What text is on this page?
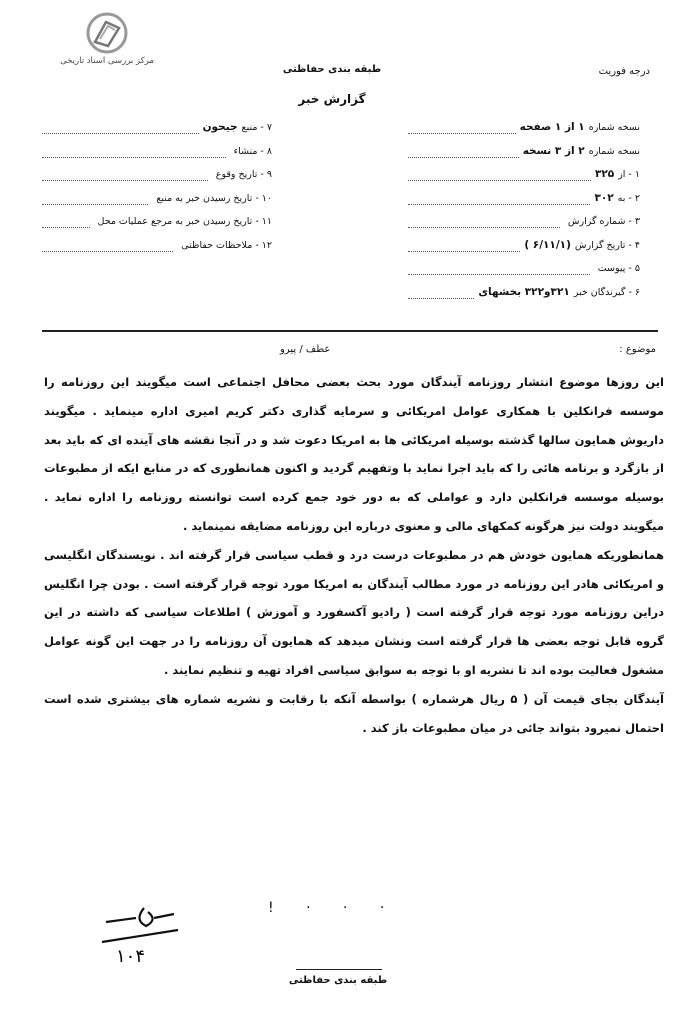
مرکز بررسی اسناد تاریخی
طبقه بندی حفاظتی	درجه فوریت
گزارش خبر
۷ - منبع
جیحون
۸ - منشاء
۹ - تاریخ وقوع
۱۰ - تاریخ رسیدن خبر به منبع
۱۱ - تاریخ رسیدن خبر به مرجع عملیات محل
۱۲ - ملاحظات حفاظتی
نسخه شماره
۱ از ۱ صفحه
نسخه شماره
۲ از ۳ نسخه
۱ - از
۳۲۵
۲ - به
۳۰۲
۳ - شماره گزارش
۴ - تاریخ گزارش
(۶/۱۱/۱ )
۵ - پیوست
۶ - گیرندگان خبر
۳۲۱و۳۲۲ بخشهای
موضوع :
عطف / پیرو

این روزها موضوع انتشار روزنامه آیندگان مورد بحث بعضی محافل اجتماعی است میگویند این روزنامه را موسسه فرانکلین با همکاری عوامل امریکائی و سرمایه گذاری دکتر کریم امیری اداره مینماید . میگویند داریوش همایون سالها گذشته بوسیله امریکائی ها به امریکا دعوت شد و در آنجا نقشه های آینده ای که باید بعد از بازگرد و برنامه هائی را که باید اجرا نماید با وتفهیم گردید و اکنون همانطوری که در منابع ایکه از مطبوعات بوسیله موسسه فرانکلین دارد و عواملی که به دور خود جمع کرده است توانسته روزنامه را اداره نماید . میگویند دولت نیز هرگونه کمکهای مالی و معنوی درباره این روزنامه مضایقه نمینماید .

همانطوریکه همایون خودش هم در مطبوعات درست درد و قطب سیاسی قرار گرفته اند . نویسندگان انگلیسی و امریکائی هادر این روزنامه در مورد مطالب آیندگان به امریکا مورد توجه قرار گرفته است . بودن چرا انگلیس دراین روزنامه مورد توجه قرار گرفته است ( رادیو آکسفورد و آموزش ) اطلاعات سیاسی که داشته در این گروه قابل توجه بعضی ها قرار گرفته است ونشان میدهد که همایون آن روزنامه را در جهت این گونه عوامل مشغول فعالیت بوده اند تا نشریه او با توجه به سوابق سیاسی افراد تهیه و تنظیم نمایند .

آیندگان بجای قیمت آن ( ۵ ریال هرشماره ) بواسطه آنکه با رقابت و نشریه شماره های بیشتری شده است احتمال نمیرود بتواند جائی در میان مطبوعات باز کند .

۱۰۴
! · · ·
طبقه بندی حفاظتی
